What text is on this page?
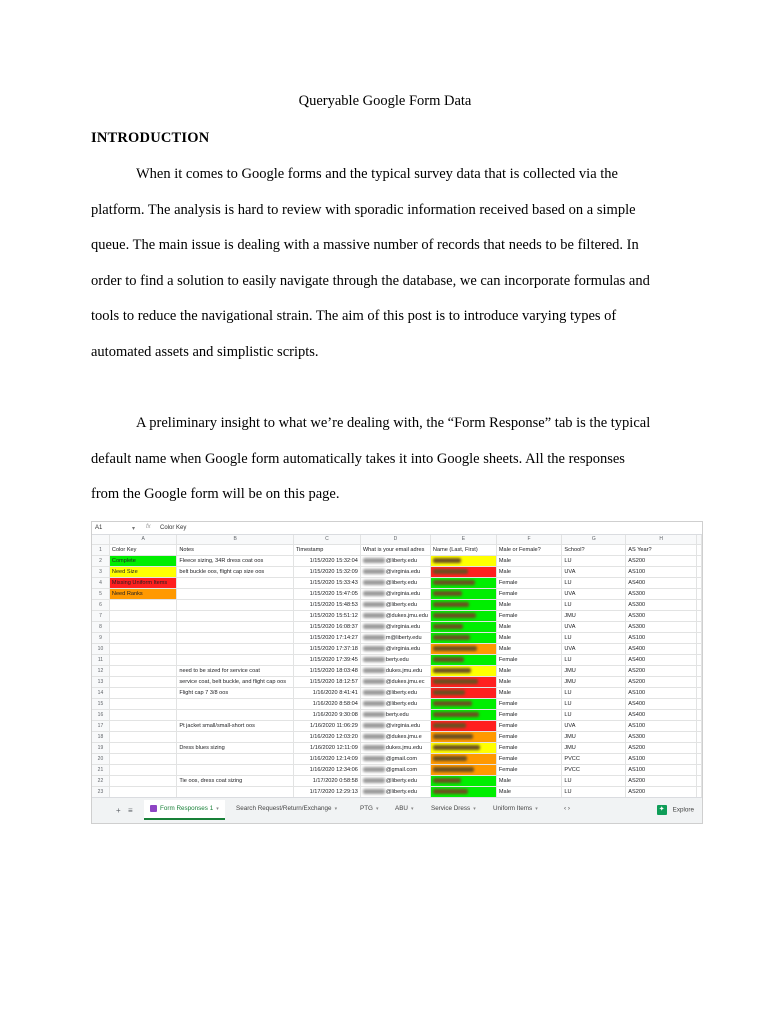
Queryable Google Form Data
INTRODUCTION
When it comes to Google forms and the typical survey data that is collected via the
platform. The analysis is hard to review with sporadic information received based on a simple
queue. The main issue is dealing with a massive number of records that needs to be filtered. In
order to find a solution to easily navigate through the database, we can incorporate formulas and
tools to reduce the navigational strain. The aim of this post is to introduce varying types of
automated assets and simplistic scripts.
A preliminary insight to what we’re dealing with, the “Form Response” tab is the typical
default name when Google form automatically takes it into Google sheets. All the responses
from the Google form will be on this page.
A1	▾ fx Color Key
	A	B	C	D	E	F	G	H	
1	Color Key	Notes	Timestamp	What is your email adres	Name (Last, First)	Male or Female?	School?	AS Year?	
2	Complete	Fleece sizing, 34R dress coat oos	1/15/2020 15:32:04	@liberty.edu		Male	LU	AS200	
3	Need Size	belt buckle oos, flight cap size oos	1/15/2020 15:32:09	@virginia.edu		Male	UVA	AS100	
4	Missing Uniform Items		1/15/2020 15:33:43	@liberty.edu		Female	LU	AS400	
5	Need Ranks		1/15/2020 15:47:05	@virginia.edu		Female	UVA	AS300	
6			1/15/2020 15:48:53	@liberty.edu		Male	LU	AS300	
7			1/15/2020 15:51:12	@dukes.jmu.edu		Female	JMU	AS300	
8			1/15/2020 16:08:37	@virginia.edu		Male	UVA	AS300	
9			1/15/2020 17:14:27	m@liberty.edu		Male	LU	AS100	
10			1/15/2020 17:37:18	@virginia.edu		Male	UVA	AS400	
11			1/15/2020 17:39:45	berty.edu		Female	LU	AS400	
12		need to be sized for service coat	1/15/2020 18:03:48	dukes.jmu.edu		Male	JMU	AS200	
13		service coat, belt buckle, and flight cap oos	1/15/2020 18:12:57	@dukes.jmu.ec		Male	JMU	AS200	
14		Flight cap 7 3/8 oos	1/16/2020 8:41:41	@liberty.edu		Male	LU	AS100	
15			1/16/2020 8:58:04	@liberty.edu		Female	LU	AS400	
16			1/16/2020 9:30:08	berty.edu		Female	LU	AS400	
17		Pt jacket small/small-short oos	1/16/2020 11:06:29	@virginia.edu		Female	UVA	AS100	
18			1/16/2020 12:03:20	@dukes.jmu.e		Female	JMU	AS300	
19		Dress blues sizing	1/16/2020 12:11:09	dukes.jmu.edu		Female	JMU	AS200	
20			1/16/2020 12:14:09	@gmail.com		Female	PVCC	AS100	
21			1/16/2020 12:34:06	@gmail.com		Female	PVCC	AS100	
22		Tie oos, dress coat sizing	1/17/2020 0:58:58	@liberty.edu		Male	LU	AS200	
23			1/17/2020 12:29:13	@liberty.edu		Male	LU	AS200	
+ ≡	Form Responses 1 ▾	Search Request/Return/Exchange ▾	PTG ▾	ABU ▾	Service Dress ▾	Uniform Items ▾	‹ ›	✦ Explore
